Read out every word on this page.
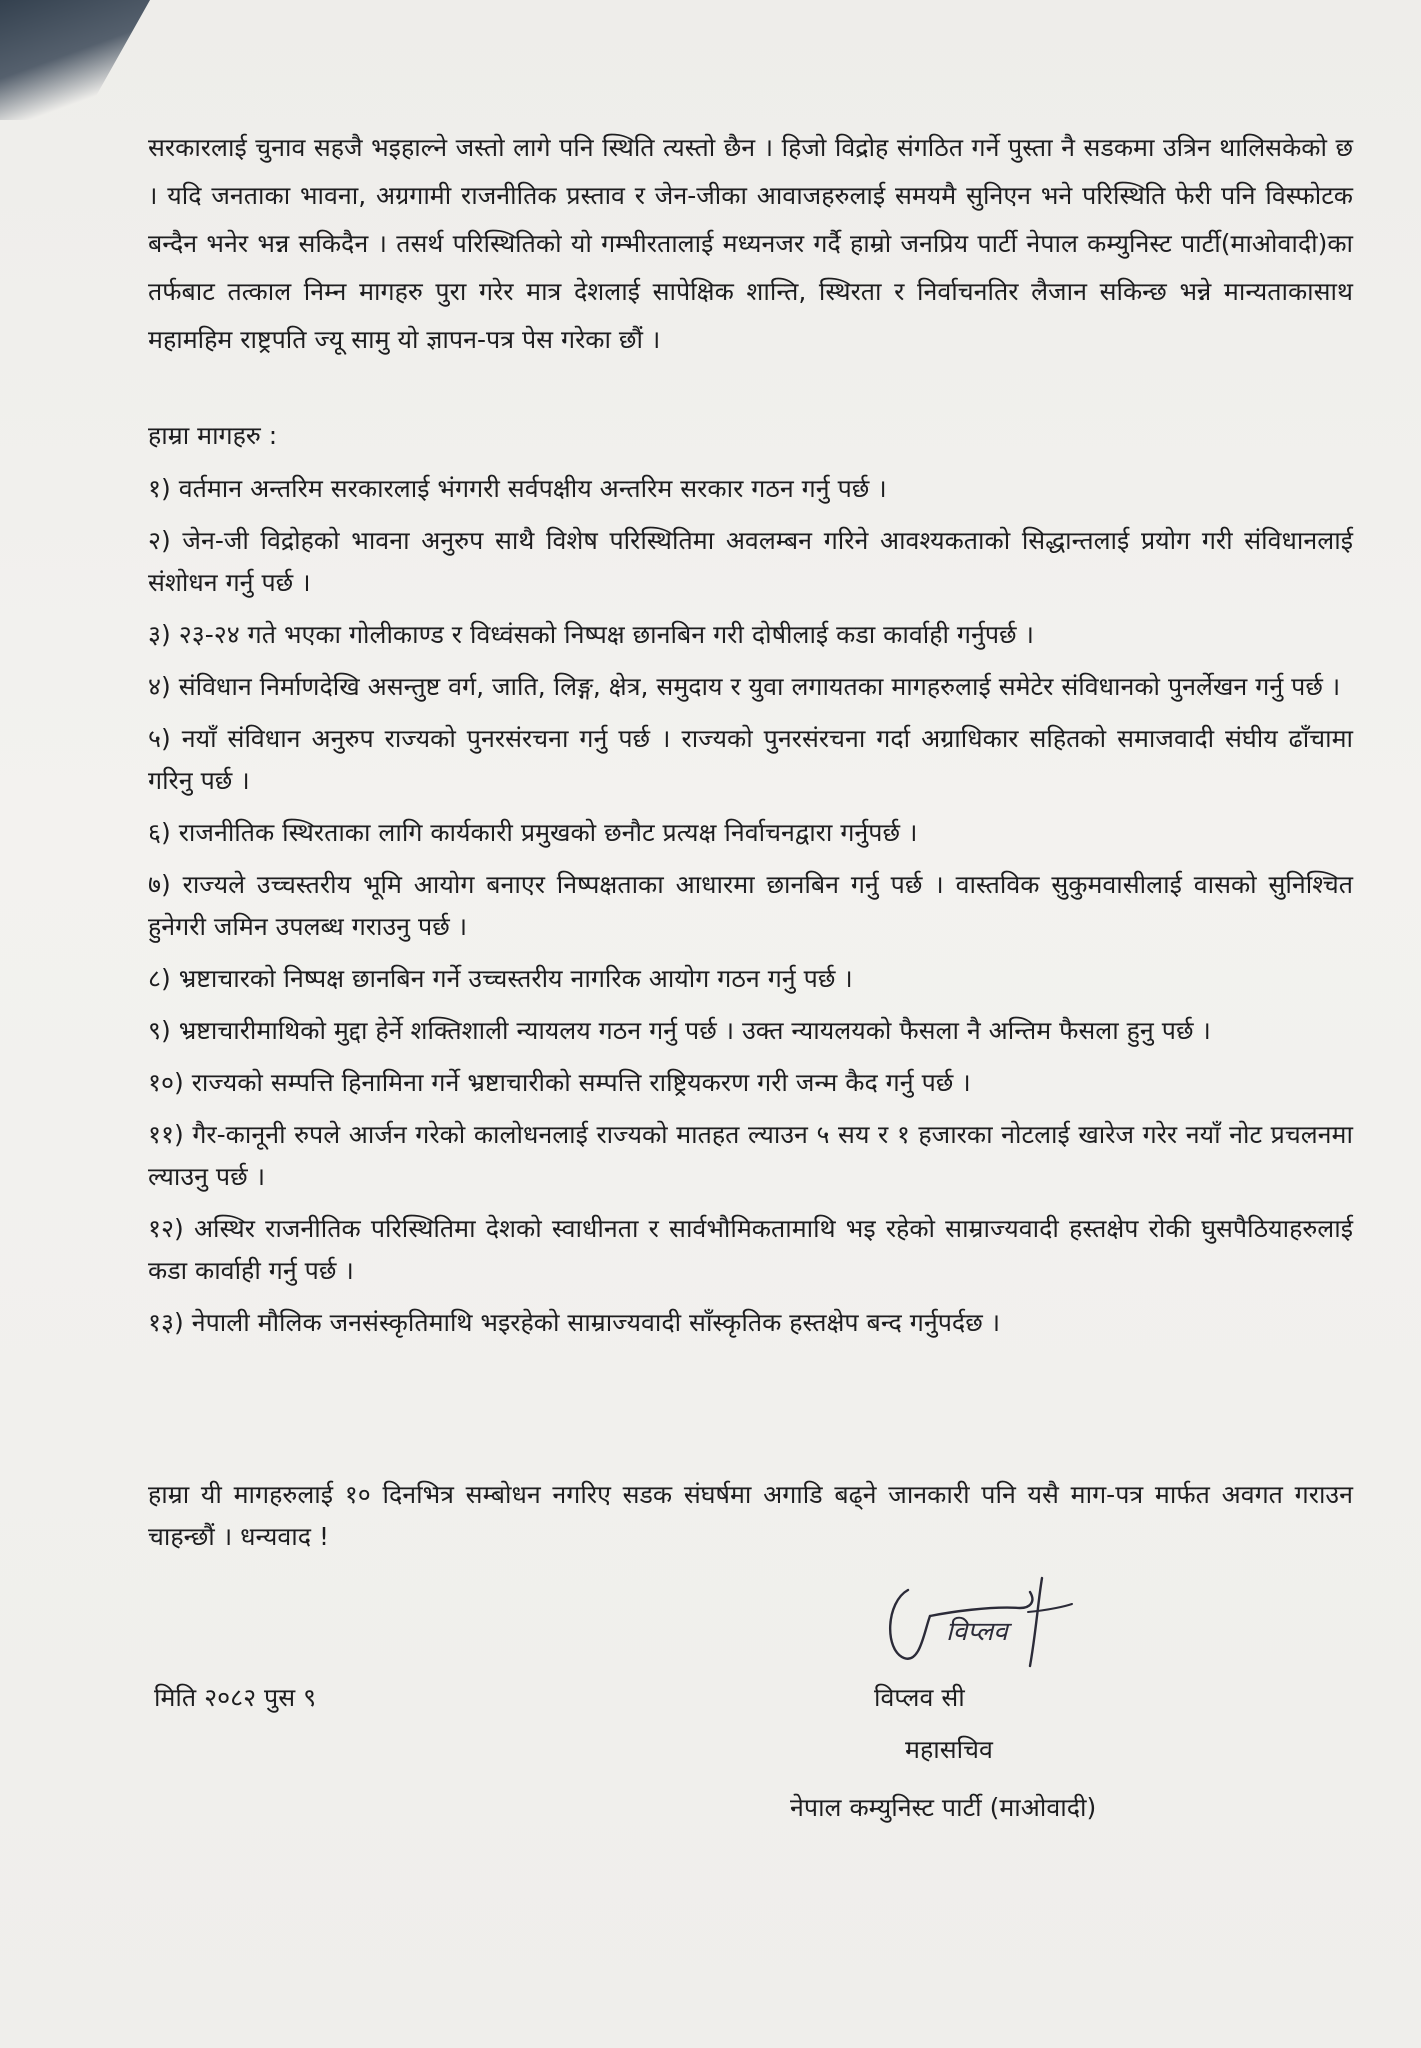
सरकारलाई चुनाव सहजै भइहाल्ने जस्तो लागे पनि स्थिति त्यस्तो छैन । हिजो विद्रोह संगठित गर्ने पुस्ता नै सडकमा उत्रिन थालिसकेको छ । यदि जनताका भावना, अग्रगामी राजनीतिक प्रस्ताव र जेन-जीका आवाजहरुलाई समयमै सुनिएन भने परिस्थिति फेरी पनि विस्फोटक बन्दैन भनेर भन्न सकिदैन । तसर्थ परिस्थितिको यो गम्भीरतालाई मध्यनजर गर्दै हाम्रो जनप्रिय पार्टी नेपाल कम्युनिस्ट पार्टी(माओवादी)का तर्फबाट तत्काल निम्न मागहरु पुरा गरेर मात्र देशलाई सापेक्षिक शान्ति, स्थिरता र निर्वाचनतिर लैजान सकिन्छ भन्ने मान्यताकासाथ महामहिम राष्ट्रपति ज्यू सामु यो ज्ञापन-पत्र पेस गरेका छौं ।

हाम्रा मागहरु :

१) वर्तमान अन्तरिम सरकारलाई भंगगरी सर्वपक्षीय अन्तरिम सरकार गठन गर्नु पर्छ ।
२) जेन-जी विद्रोहको भावना अनुरुप साथै विशेष परिस्थितिमा अवलम्बन गरिने आवश्यकताको सिद्धान्तलाई प्रयोग गरी संविधानलाई संशोधन गर्नु पर्छ ।
३) २३-२४ गते भएका गोलीकाण्ड र विध्वंसको निष्पक्ष छानबिन गरी दोषीलाई कडा कार्वाही गर्नुपर्छ ।
४) संविधान निर्माणदेखि असन्तुष्ट वर्ग, जाति, लिङ्ग, क्षेत्र, समुदाय र युवा लगायतका मागहरुलाई समेटेर संविधानको पुनर्लेखन गर्नु पर्छ ।
५) नयाँ संविधान अनुरुप राज्यको पुनरसंरचना गर्नु पर्छ । राज्यको पुनरसंरचना गर्दा अग्राधिकार सहितको समाजवादी संघीय ढाँचामा गरिनु पर्छ ।
६) राजनीतिक स्थिरताका लागि कार्यकारी प्रमुखको छनौट प्रत्यक्ष निर्वाचनद्वारा गर्नुपर्छ ।
७) राज्यले उच्चस्तरीय भूमि आयोग बनाएर निष्पक्षताका आधारमा छानबिन गर्नु पर्छ । वास्तविक सुकुमवासीलाई वासको सुनिश्चित हुनेगरी जमिन उपलब्ध गराउनु पर्छ ।
८) भ्रष्टाचारको निष्पक्ष छानबिन गर्ने उच्चस्तरीय नागरिक आयोग गठन गर्नु पर्छ ।
९) भ्रष्टाचारीमाथिको मुद्दा हेर्ने शक्तिशाली न्यायलय गठन गर्नु पर्छ । उक्त न्यायलयको फैसला नै अन्तिम फैसला हुनु पर्छ ।
१०) राज्यको सम्पत्ति हिनामिना गर्ने भ्रष्टाचारीको सम्पत्ति राष्ट्रियकरण गरी जन्म कैद गर्नु पर्छ ।
११) गैर-कानूनी रुपले आर्जन गरेको कालोधनलाई राज्यको मातहत ल्याउन ५ सय र १ हजारका नोटलाई खारेज गरेर नयाँ नोट प्रचलनमा ल्याउनु पर्छ ।
१२) अस्थिर राजनीतिक परिस्थितिमा देशको स्वाधीनता र सार्वभौमिकतामाथि भइ रहेको साम्राज्यवादी हस्तक्षेप रोकी घुसपैठियाहरुलाई कडा कार्वाही गर्नु पर्छ ।
१३) नेपाली मौलिक जनसंस्कृतिमाथि भइरहेको साम्राज्यवादी साँस्कृतिक हस्तक्षेप बन्द गर्नुपर्दछ ।

हाम्रा यी मागहरुलाई १० दिनभित्र सम्बोधन नगरिए सडक संघर्षमा अगाडि बढ्ने जानकारी पनि यसै माग-पत्र मार्फत अवगत गराउन चाहन्छौं । धन्यवाद !

विप्लव

मिति २०८२ पुस ९	विप्लव सी

महासचिव

नेपाल कम्युनिस्ट पार्टी (माओवादी)
